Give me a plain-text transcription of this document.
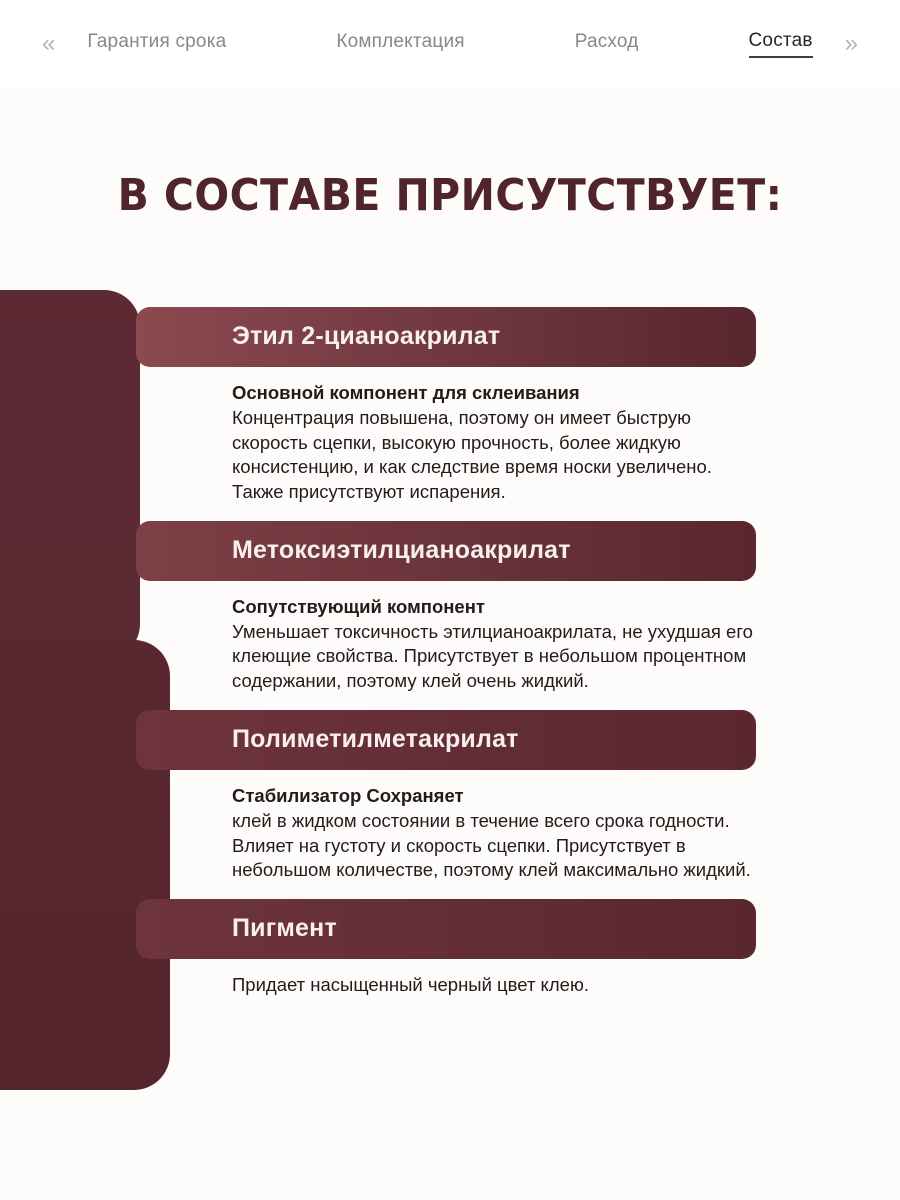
«	Гарантия срока	Комплектация	Расход	Состав »
В СОСТАВЕ ПРИСУТСТВУЕТ:
Этил 2-цианоакрилат
Основной компонент для склеивания
Концентрация повышена, поэтому он имеет быструю скорость сцепки, высокую прочность, более жидкую консистенцию, и как следствие время носки увеличено. Также присутствуют испарения.
Метоксиэтилцианоакрилат
Сопутствующий компонент
Уменьшает токсичность этилцианоакрилата, не ухудшая его клеющие свойства. Присутствует в небольшом процентном содержании, поэтому клей очень жидкий.
Полиметилметакрилат
Стабилизатор Сохраняет
клей в жидком состоянии в течение всего срока годности. Влияет на густоту и скорость сцепки. Присутствует в небольшом количестве, поэтому клей максимально жидкий.
Пигмент
Придает насыщенный черный цвет клею.
